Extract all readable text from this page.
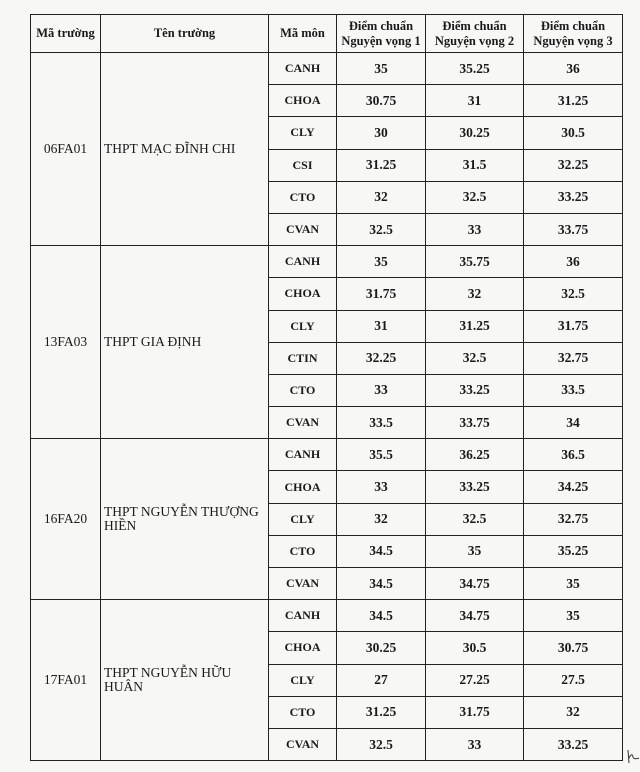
Mã trường	Tên trường	Mã môn	Điểm chuẩn Nguyện vọng 1	Điểm chuẩn Nguyện vọng 2	Điểm chuẩn Nguyện vọng 3
06FA01	THPT MẠC ĐĨNH CHI	CANH	35	35.25	36
		CHOA	30.75	31	31.25
		CLY	30	30.25	30.5
		CSI	31.25	31.5	32.25
		CTO	32	32.5	33.25
		CVAN	32.5	33	33.75
13FA03	THPT GIA ĐỊNH	CANH	35	35.75	36
		CHOA	31.75	32	32.5
		CLY	31	31.25	31.75
		CTIN	32.25	32.5	32.75
		CTO	33	33.25	33.5
		CVAN	33.5	33.75	34
16FA20	THPT NGUYỄN THƯỢNG HIỀN	CANH	35.5	36.25	36.5
		CHOA	33	33.25	34.25
		CLY	32	32.5	32.75
		CTO	34.5	35	35.25
		CVAN	34.5	34.75	35
17FA01	THPT NGUYỄN HỮU HUÂN	CANH	34.5	34.75	35
		CHOA	30.25	30.5	30.75
		CLY	27	27.25	27.5
		CTO	31.25	31.75	32
		CVAN	32.5	33	33.25
